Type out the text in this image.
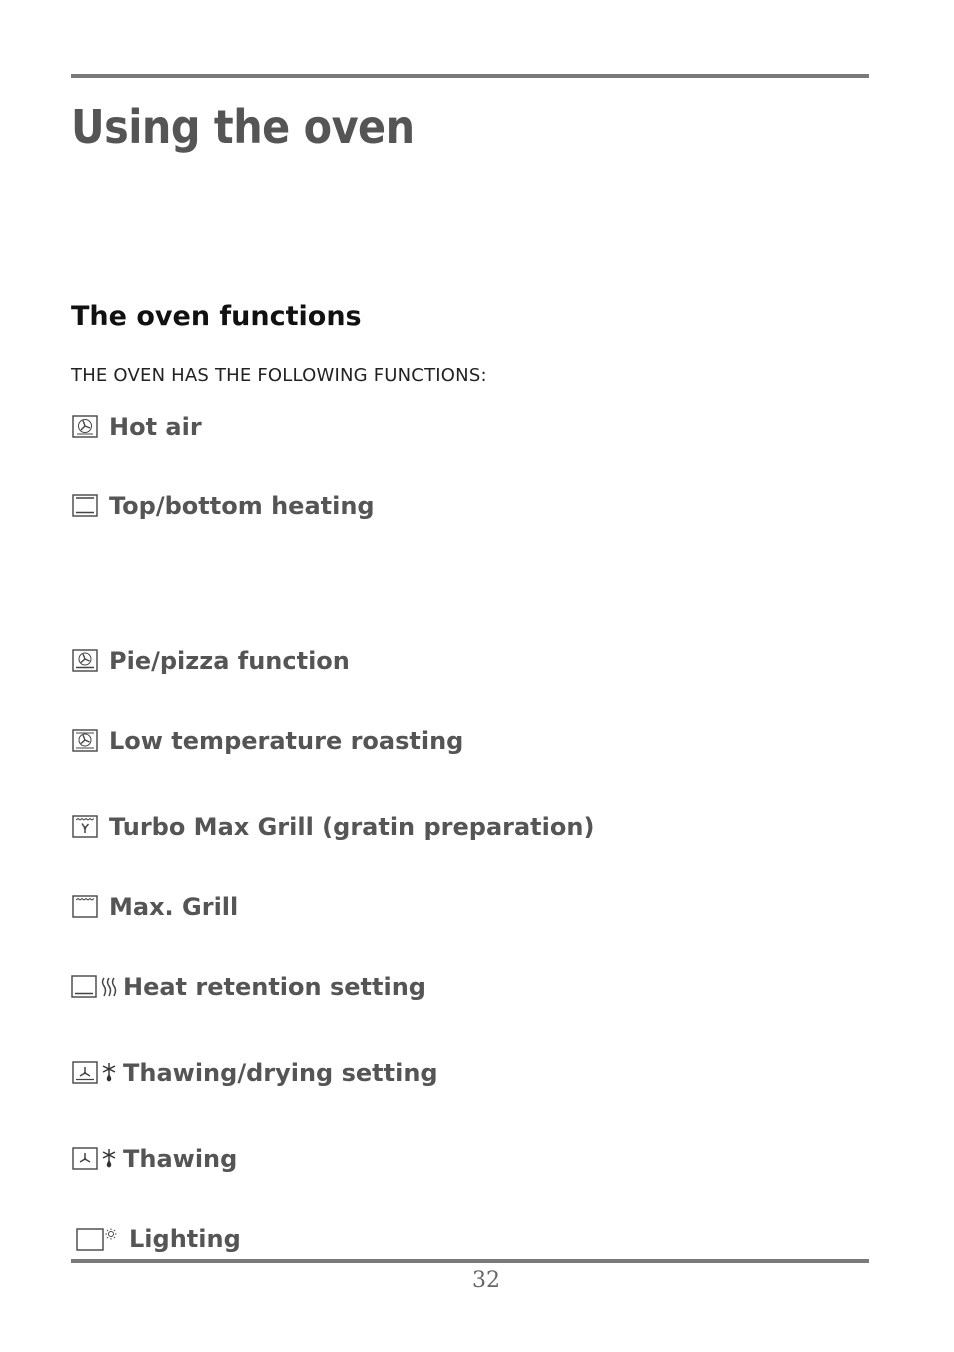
Using the oven
The oven functions

THE OVEN HAS THE FOLLOWING FUNCTIONS:

Hot air
Top/bottom heating
Pie/pizza function
Low temperature roasting
Turbo Max Grill (gratin preparation)
Max. Grill
Heat retention setting
Thawing/drying setting
Thawing
Lighting
32
